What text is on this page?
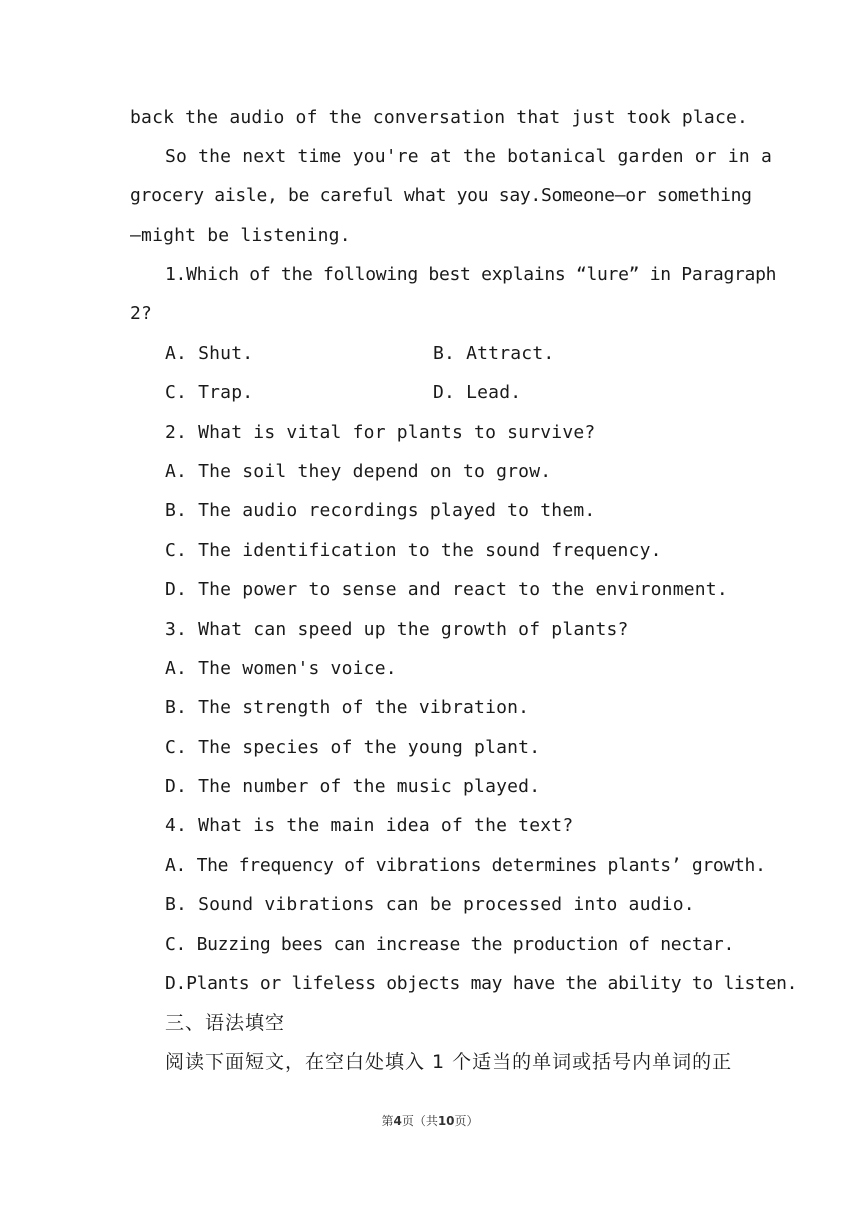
back the audio of the conversation that just took place.
So the next time you're at the botanical garden or in a
grocery aisle, be careful what you say.Someone—or something
—might be listening.
1.Which of the following best explains “lure” in Paragraph
2?
A. Shut.	B. Attract.
C. Trap.	D. Lead.
2. What is vital for plants to survive?
A. The soil they depend on to grow.
B. The audio recordings played to them.
C. The identification to the sound frequency.
D. The power to sense and react to the environment.
3. What can speed up the growth of plants?
A. The women's voice.
B. The strength of the vibration.
C. The species of the young plant.
D. The number of the music played.
4. What is the main idea of the text?
A. The frequency of vibrations determines plants’ growth.
B. Sound vibrations can be processed into audio.
C. Buzzing bees can increase the production of nectar.
D.Plants or lifeless objects may have the ability to listen.
三、语法填空
阅读下面短文，在空白处填入 1 个适当的单词或括号内单词的正
第4页（共10页）
